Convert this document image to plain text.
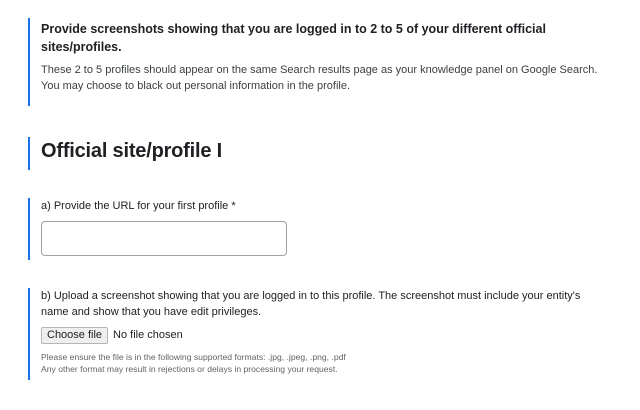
Provide screenshots showing that you are logged in to 2 to 5 of your different official sites/profiles.

These 2 to 5 profiles should appear on the same Search results page as your knowledge panel on Google Search. You may choose to black out personal information in the profile.

Official site/profile I

a) Provide the URL for your first profile *

b) Upload a screenshot showing that you are logged in to this profile. The screenshot must include your entity's name and show that you have edit privileges.

Choose file	No file chosen
Please ensure the file is in the following supported formats: .jpg, .jpeg, .png, .pdf
Any other format may result in rejections or delays in processing your request.
